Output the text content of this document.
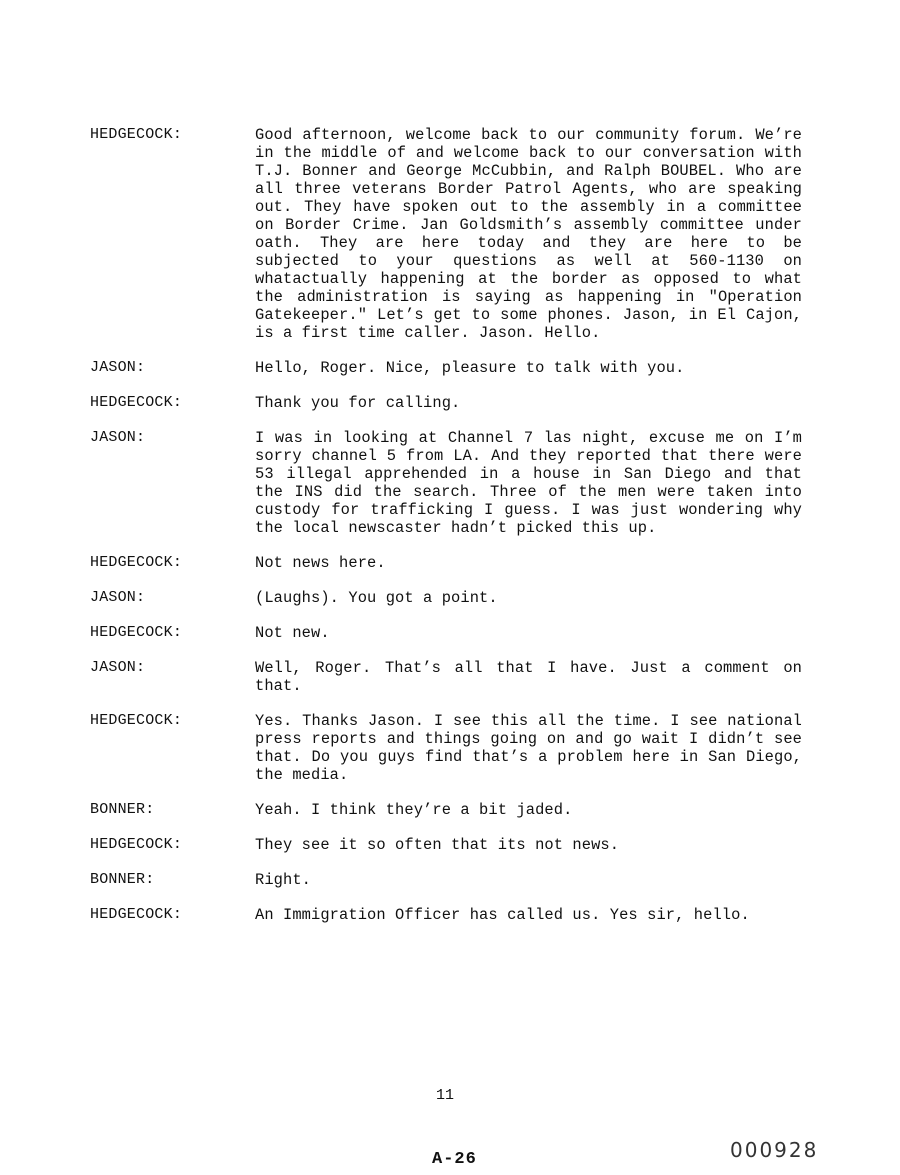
HEDGECOCK:	Good afternoon, welcome back to our community forum. We’re in the middle of and welcome back to our conversation with T.J. Bonner and George McCubbin, and Ralph BOUBEL. Who are all three veterans Border Patrol Agents, who are speaking out. They have spoken out to the assembly in a committee on Border Crime. Jan Goldsmith’s assembly committee under oath. They are here today and they are here to be subjected to your questions as well at 560-1130 on whatactually happening at the border as opposed to what the administration is saying as happening in "Operation Gatekeeper." Let’s get to some phones. Jason, in El Cajon, is a first time caller. Jason. Hello.
JASON:	Hello, Roger. Nice, pleasure to talk with you.
HEDGECOCK:	Thank you for calling.
JASON:	I was in looking at Channel 7 las night, excuse me on I’m sorry channel 5 from LA. And they reported that there were 53 illegal apprehended in a house in San Diego and that the INS did the search. Three of the men were taken into custody for trafficking I guess. I was just wondering why the local newscaster hadn’t picked this up.
HEDGECOCK:	Not news here.
JASON:	(Laughs). You got a point.
HEDGECOCK:	Not new.
JASON:	Well, Roger. That’s all that I have. Just a comment on that.
HEDGECOCK:	Yes. Thanks Jason. I see this all the time. I see national press reports and things going on and go wait I didn’t see that. Do you guys find that’s a problem here in San Diego, the media.
BONNER:	Yeah. I think they’re a bit jaded.
HEDGECOCK:	They see it so often that its not news.
BONNER:	Right.
HEDGECOCK:	An Immigration Officer has called us. Yes sir, hello.
11
000928
A-26
